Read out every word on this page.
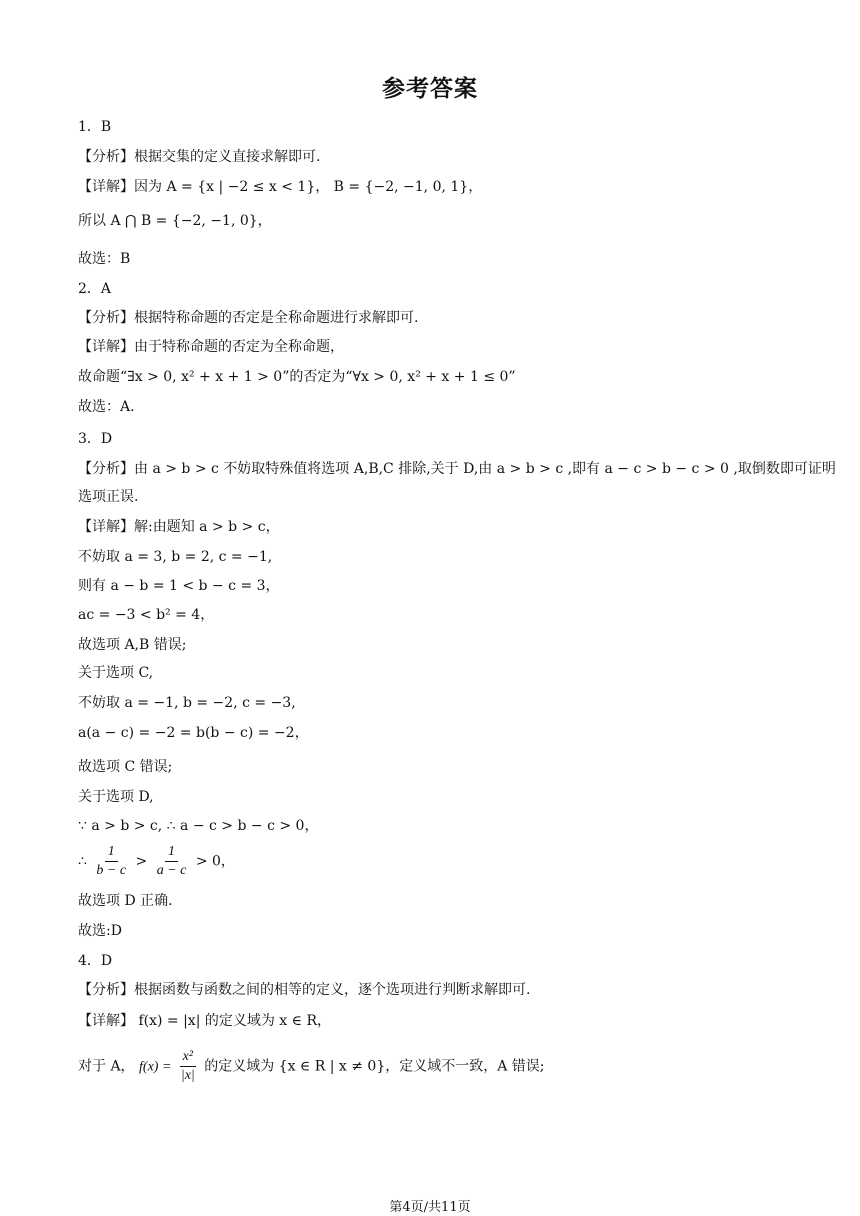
参考答案
1．B
【分析】根据交集的定义直接求解即可.
【详解】因为 A = {x | −2 ≤ x < 1}， B = {−2, −1, 0, 1}，
所以 A ⋂ B = {−2, −1, 0}，
故选：B
2．A
【分析】根据特称命题的否定是全称命题进行求解即可.
【详解】由于特称命题的否定为全称命题，
故命题“∃x > 0, x² + x + 1 > 0”的否定为“∀x > 0, x² + x + 1 ≤ 0”
故选：A.
3．D
【分析】由 a > b > c 不妨取特殊值将选项 A,B,C 排除,关于 D,由 a > b > c ,即有 a − c > b − c > 0 ,取倒数即可证明
选项正误.
【详解】解:由题知 a > b > c，
不妨取 a = 3, b = 2, c = −1,
则有 a − b = 1 < b − c = 3，
ac = −3 < b² = 4，
故选项 A,B 错误;
关于选项 C,
不妨取 a = −1, b = −2, c = −3,
a(a − c) = −2 = b(b − c) = −2，
故选项 C 错误;
关于选项 D,
∵ a > b > c, ∴ a − c > b − c > 0，
故选项 D 正确.
故选:D
4．D
【分析】根据函数与函数之间的相等的定义，逐个选项进行判断求解即可.
【详解】 f(x) = |x| 的定义域为 x ∈ R，
∴ $\frac{1}{b - c} > \frac{1}{a - c} > 0$，
对于 A， $f(x) = \frac{\text{x²}}{|x|}$ 的定义域为 {x ∈ R | x ≠ 0}，定义域不一致，A 错误;
第4页/共11页
